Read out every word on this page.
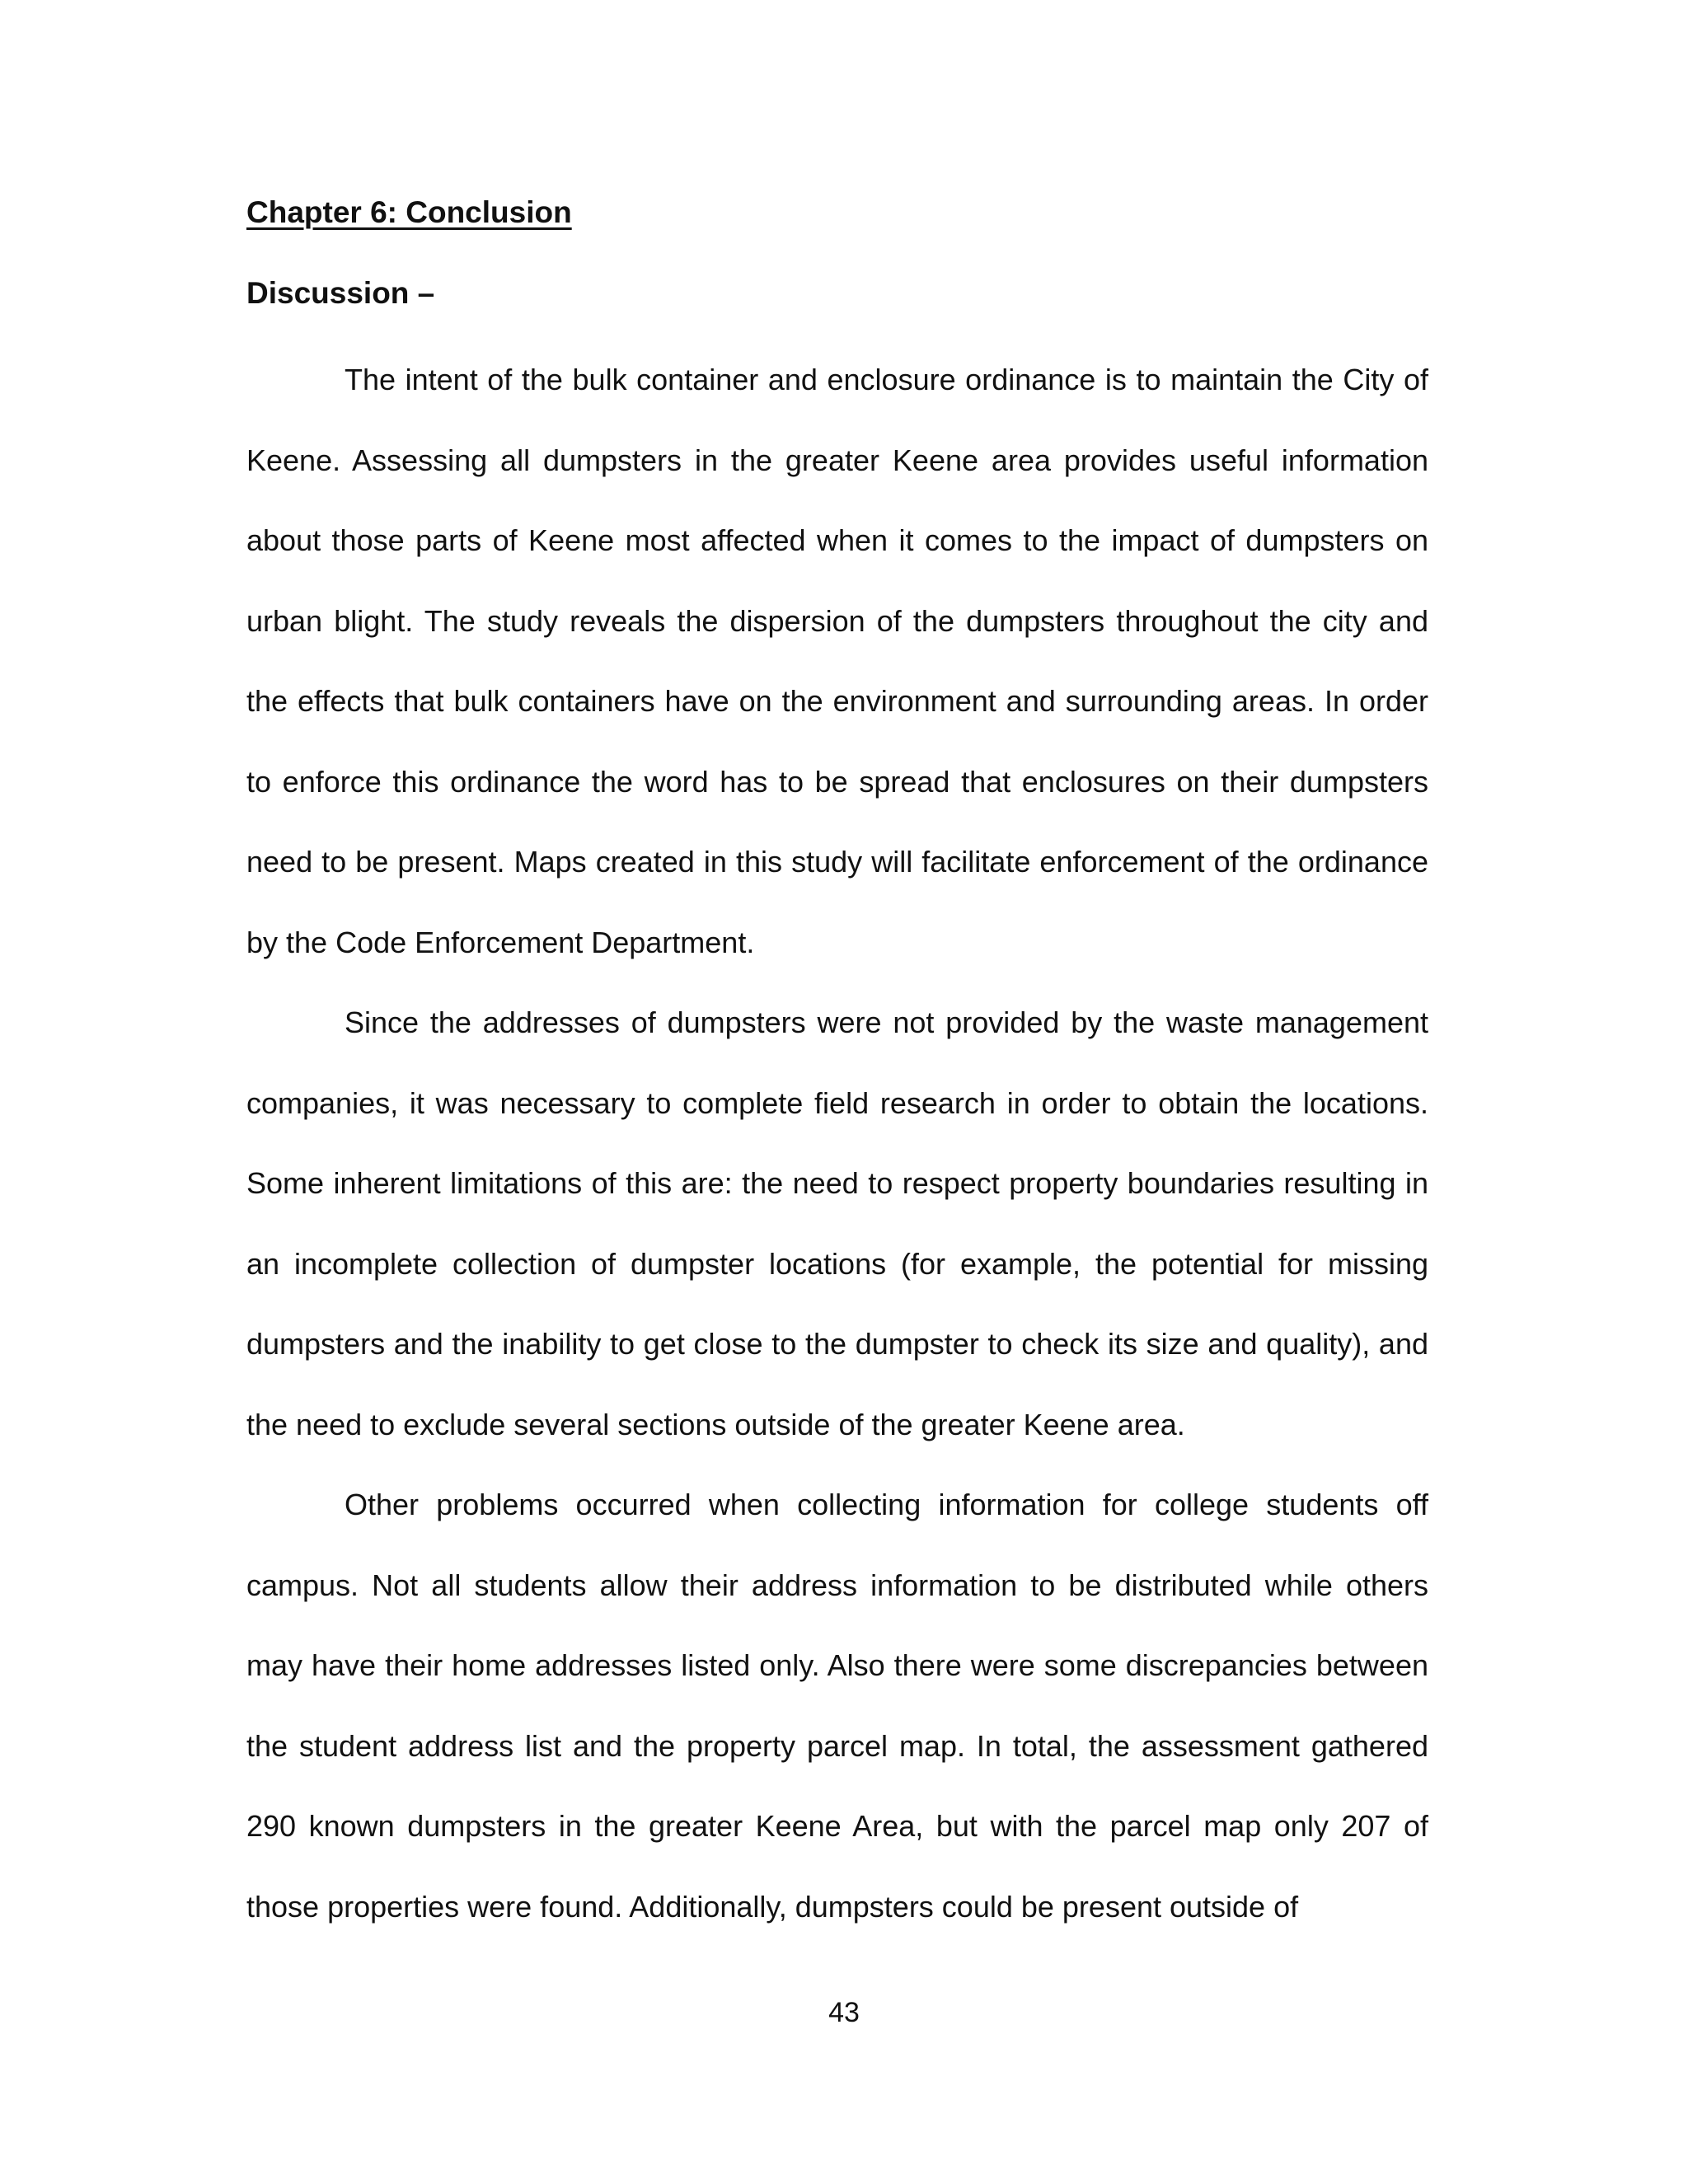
Chapter 6: Conclusion
Discussion –

The intent of the bulk container and enclosure ordinance is to maintain the City of Keene. Assessing all dumpsters in the greater Keene area provides useful information about those parts of Keene most affected when it comes to the impact of dumpsters on urban blight. The study reveals the dispersion of the dumpsters throughout the city and the effects that bulk containers have on the environment and surrounding areas. In order to enforce this ordinance the word has to be spread that enclosures on their dumpsters need to be present. Maps created in this study will facilitate enforcement of the ordinance by the Code Enforcement Department.

Since the addresses of dumpsters were not provided by the waste management companies, it was necessary to complete field research in order to obtain the locations. Some inherent limitations of this are: the need to respect property boundaries resulting in an incomplete collection of dumpster locations (for example, the potential for missing dumpsters and the inability to get close to the dumpster to check its size and quality), and the need to exclude several sections outside of the greater Keene area.

Other problems occurred when collecting information for college students off campus. Not all students allow their address information to be distributed while others may have their home addresses listed only. Also there were some discrepancies between the student address list and the property parcel map. In total, the assessment gathered 290 known dumpsters in the greater Keene Area, but with the parcel map only 207 of those properties were found. Additionally, dumpsters could be present outside of

43
